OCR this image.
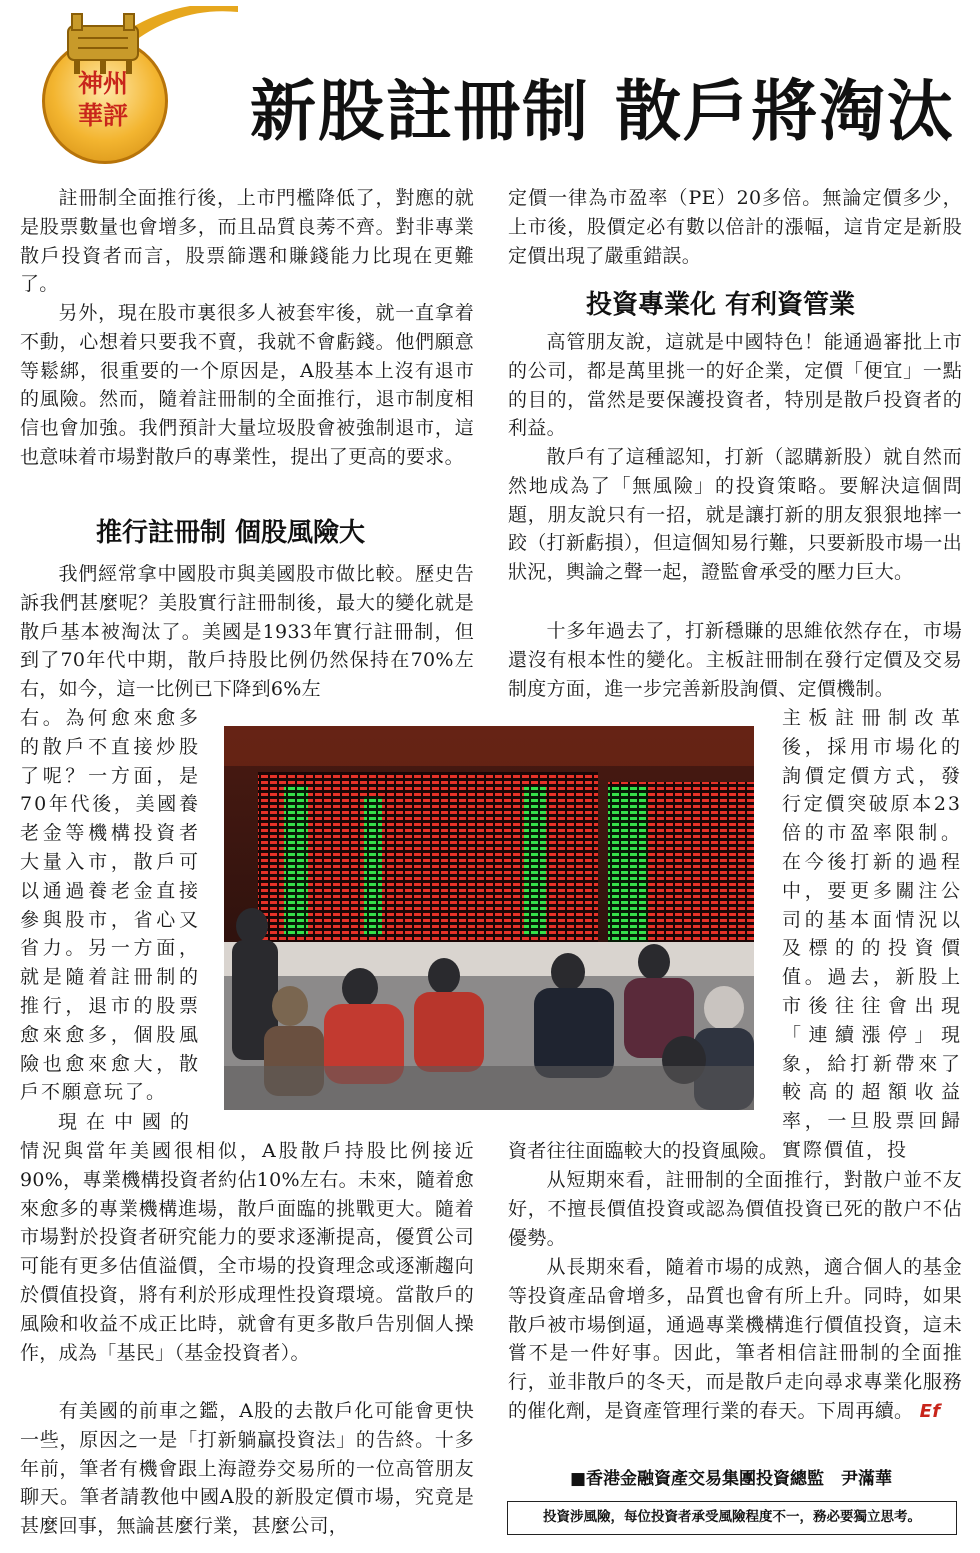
神州
華評	新股註冊制 散戶將淘汰

註冊制全面推行後，上市門檻降低了，對應的就是股票數量也會增多，而且品質良莠不齊。對非專業散戶投資者而言，股票篩選和賺錢能力比現在更難了。

另外，現在股市裏很多人被套牢後，就一直拿着不動，心想着只要我不賣，我就不會虧錢。他們願意等鬆綁，很重要的一个原因是，A股基本上沒有退市的風險。然而，隨着註冊制的全面推行，退市制度相信也會加強。我們預計大量垃圾股會被強制退市，這也意味着市場對散戶的專業性，提出了更高的要求。

推行註冊制 個股風險大

我們經常拿中國股市與美國股市做比較。歷史告訴我們甚麼呢？美股實行註冊制後，最大的變化就是散戶基本被淘汰了。美國是1933年實行註冊制，但到了70年代中期，散戶持股比例仍然保持在70%左右，如今，這一比例已下降到6%左

右。為何愈來愈多的散戶不直接炒股了呢？一方面，是70年代後，美國養老金等機構投資者大量入市，散戶可以通過養老金直接參與股市，省心又省力。另一方面，就是隨着註冊制的推行，退市的股票愈來愈多，個股風險也愈來愈大，散戶不願意玩了。

現在中國的

情況與當年美國很相似，A股散戶持股比例接近90%，專業機構投資者約佔10%左右。未來，隨着愈來愈多的專業機構進場，散戶面臨的挑戰更大。隨着市場對於投資者研究能力的要求逐漸提高，優質公司可能有更多估值溢價，全市場的投資理念或逐漸趨向於價值投資，將有利於形成理性投資環境。當散戶的風險和收益不成正比時，就會有更多散戶告別個人操作，成為「基民」（基金投資者）。

有美國的前車之鑑，A股的去散戶化可能會更快一些，原因之一是「打新躺贏投資法」的告終。十多年前，筆者有機會跟上海證券交易所的一位高管朋友聊天。筆者請教他中國A股的新股定價市場，究竟是甚麼回事，無論甚麼行業，甚麼公司，

定價一律為市盈率（PE）20多倍。無論定價多少，上市後，股價定必有數以倍計的漲幅，這肯定是新股定價出現了嚴重錯誤。

投資專業化 有利資管業

高管朋友說，這就是中國特色！能通過審批上市的公司，都是萬里挑一的好企業，定價「便宜」一點的目的，當然是要保護投資者，特別是散戶投資者的利益。

散戶有了這種認知，打新（認購新股）就自然而然地成為了「無風險」的投資策略。要解決這個問題，朋友說只有一招，就是讓打新的朋友狠狠地摔一跤（打新虧損），但這個知易行難，只要新股市場一出狀況，輿論之聲一起，證監會承受的壓力巨大。

十多年過去了，打新穩賺的思維依然存在，市場還沒有根本性的變化。主板註冊制在發行定價及交易制度方面，進一步完善新股詢價、定價機制。

主板註冊制改革後，採用市場化的詢價定價方式，發行定價突破原本23倍的市盈率限制。在今後打新的過程中，要更多關注公司的基本面情況以及標的的投資價值。過去，新股上市後往往會出現「連續漲停」現象，給打新帶來了較高的超額收益率，一旦股票回歸實際價值，投

資者往往面臨較大的投資風險。

从短期來看，註冊制的全面推行，對散户並不友好，不擅長價值投資或認為價值投資已死的散户不佔優勢。

从長期來看，隨着市場的成熟，適合個人的基金等投資產品會增多，品質也會有所上升。同時，如果散戶被市場倒逼，通過專業機構進行價值投資，這未嘗不是一件好事。因此，筆者相信註冊制的全面推行，並非散戶的冬天，而是散戶走向尋求專業化服務的催化劑，是資產管理行業的春天。下周再續。 Ef

■香港金融資產交易集團投資總監　尹滿華
投資涉風險，每位投資者承受風險程度不一，務必要獨立思考。
